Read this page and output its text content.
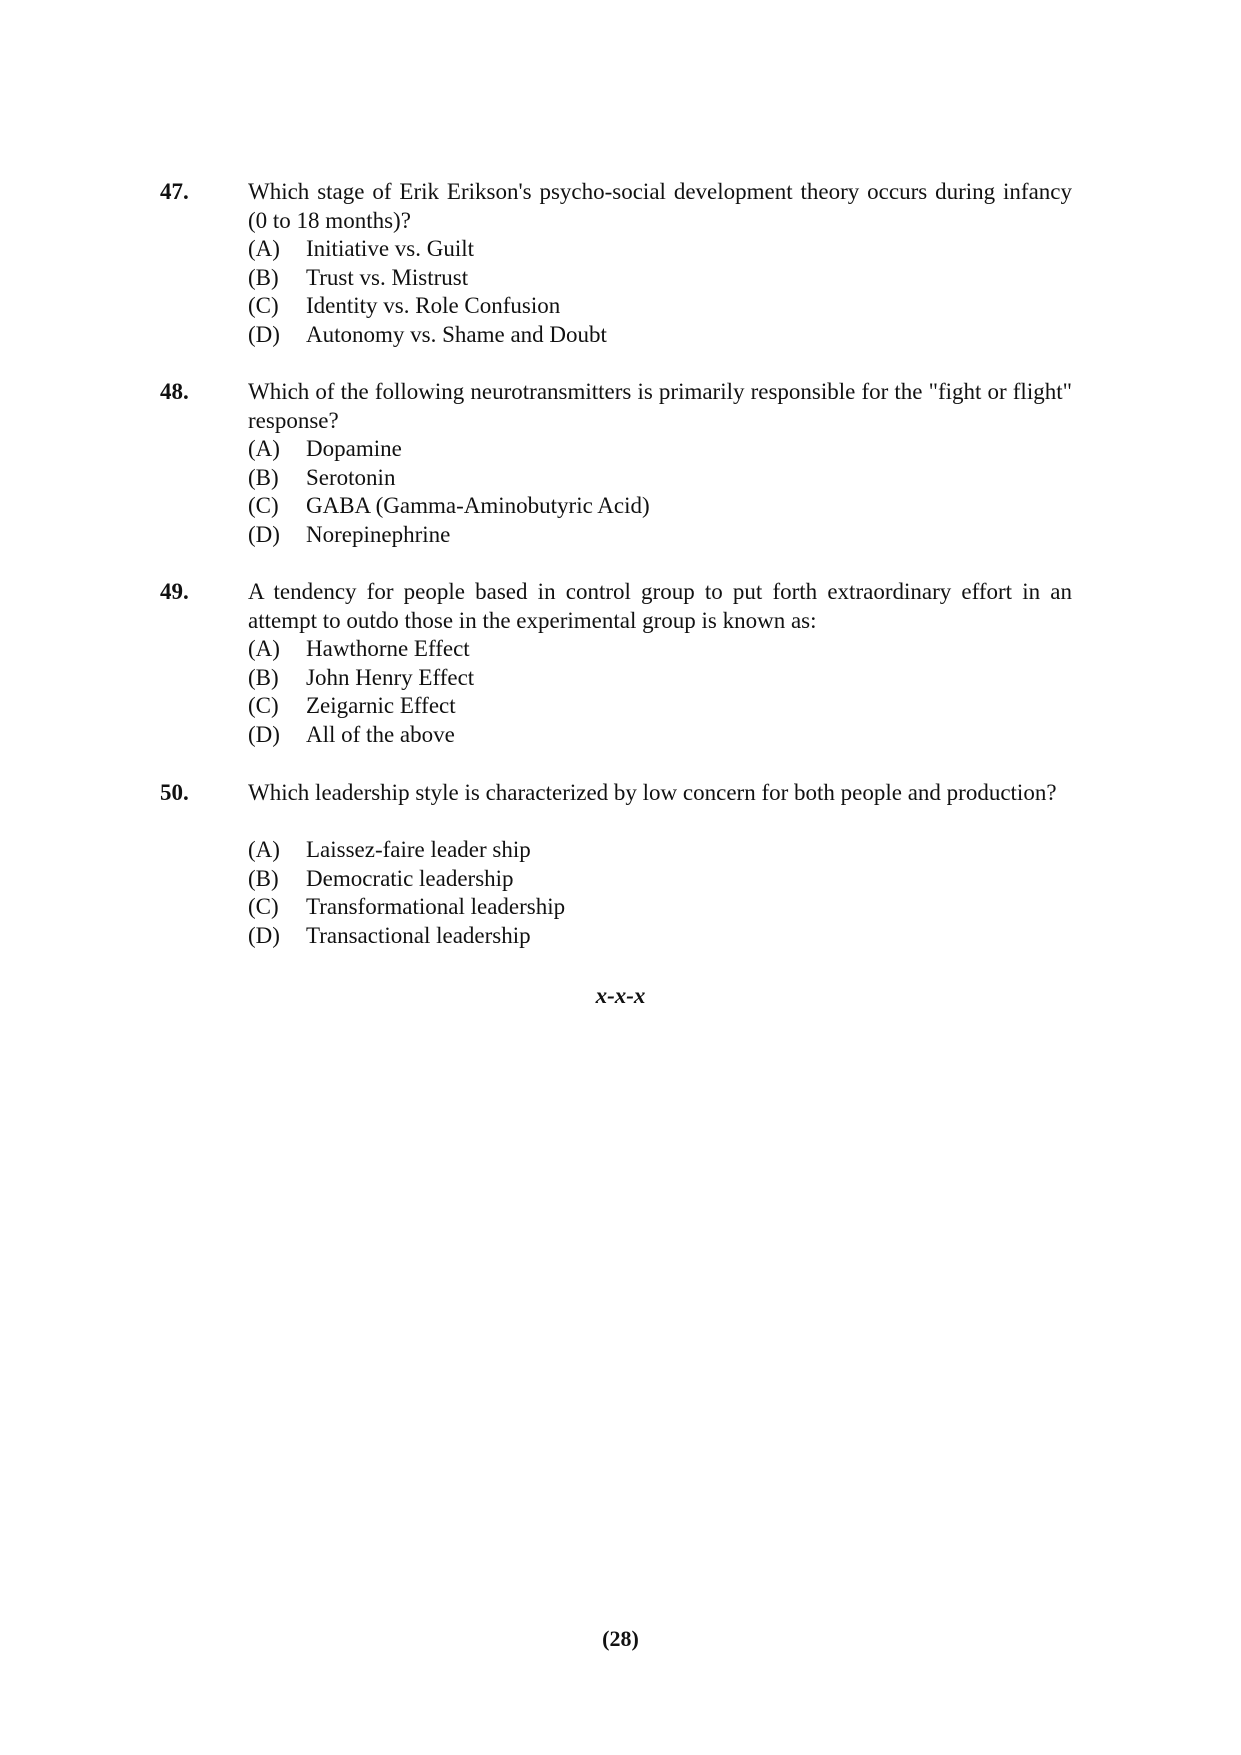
47.	Which stage of Erik Erikson's psycho-social development theory occurs during infancy (0 to 18 months)?
(A) Initiative vs. Guilt
(B) Trust vs. Mistrust
(C) Identity vs. Role Confusion
(D) Autonomy vs. Shame and Doubt
48.	Which of the following neurotransmitters is primarily responsible for the "fight or flight" response?
(A) Dopamine
(B) Serotonin
(C) GABA (Gamma-Aminobutyric Acid)
(D) Norepinephrine
49.	A tendency for people based in control group to put forth extraordinary effort in an attempt to outdo those in the experimental group is known as:
(A) Hawthorne Effect
(B) John Henry Effect
(C) Zeigarnic Effect
(D) All of the above
50.	Which leadership style is characterized by low concern for both people and production?
(A) Laissez-faire leader ship
(B) Democratic leadership
(C) Transformational leadership
(D) Transactional leadership
x-x-x
(28)
